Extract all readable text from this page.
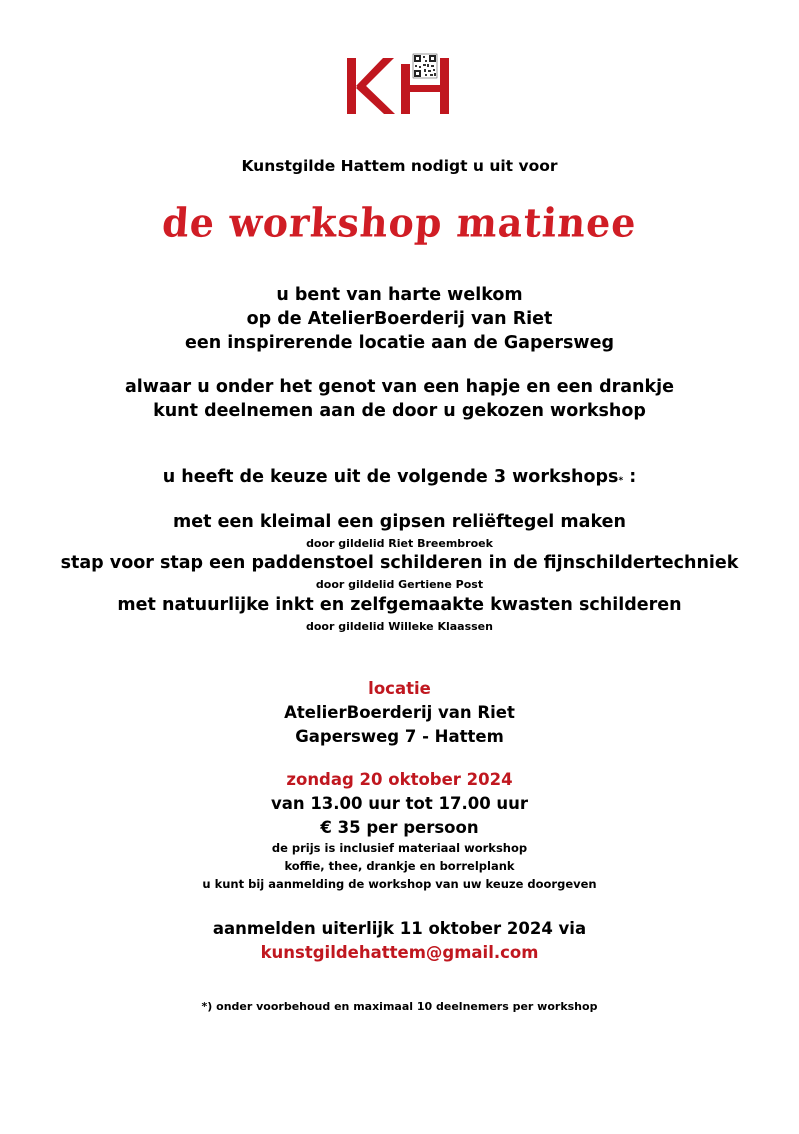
Kunstgilde Hattem nodigt u uit voor
de workshop matinee
u bent van harte welkom
op de AtelierBoerderij van Riet
een inspirerende locatie aan de Gapersweg
alwaar u onder het genot van een hapje en een drankje
kunt deelnemen aan de door u gekozen workshop
u heeft de keuze uit de volgende 3 workshops* :
met een kleimal een gipsen reliëftegel maken
door gildelid Riet Breembroek
stap voor stap een paddenstoel schilderen in de fijnschildertechniek
door gildelid Gertiene Post
met natuurlijke inkt en zelfgemaakte kwasten schilderen
door gildelid Willeke Klaassen
locatie
AtelierBoerderij van Riet
Gapersweg 7 - Hattem
zondag 20 oktober 2024
van 13.00 uur tot 17.00 uur
€ 35 per persoon
de prijs is inclusief materiaal workshop
koffie, thee, drankje en borrelplank
u kunt bij aanmelding de workshop van uw keuze doorgeven
aanmelden uiterlijk 11 oktober 2024 via
kunstgildehattem@gmail.com
*) onder voorbehoud en maximaal 10 deelnemers per workshop
